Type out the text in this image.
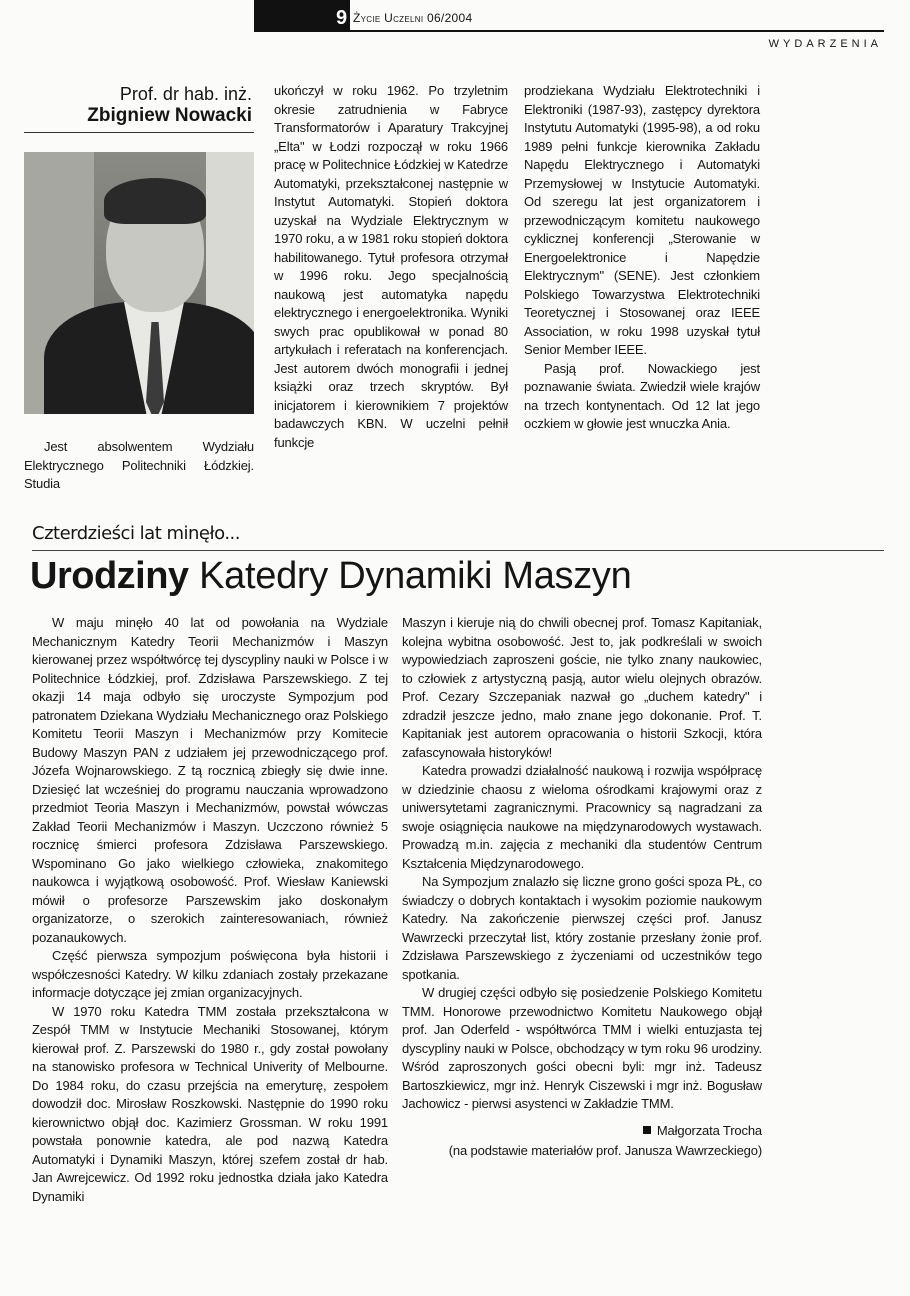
9 Życie Uczelni 06/2004
WYDARZENIA
Prof. dr hab. inż.
Zbigniew Nowacki

Jest absolwentem Wydziału Elektrycznego Politechniki Łódzkiej. Studia

ukończył w roku 1962. Po trzyletnim okresie zatrudnienia w Fabryce Transformatorów i Aparatury Trakcyjnej „Elta" w Łodzi rozpoczął w roku 1966 pracę w Politechnice Łódzkiej w Katedrze Automatyki, przekształconej następnie w Instytut Automatyki. Stopień doktora uzyskał na Wydziale Elektrycznym w 1970 roku, a w 1981 roku stopień doktora habilitowanego. Tytuł profesora otrzymał w 1996 roku. Jego specjalnością naukową jest automatyka napędu elektrycznego i energoelektronika. Wyniki swych prac opublikował w ponad 80 artykułach i referatach na konferencjach. Jest autorem dwóch monografii i jednej książki oraz trzech skryptów. Był inicjatorem i kierownikiem 7 projektów badawczych KBN. W uczelni pełnił funkcje

prodziekana Wydziału Elektrotechniki i Elektroniki (1987-93), zastępcy dyrektora Instytutu Automatyki (1995-98), a od roku 1989 pełni funkcje kierownika Zakładu Napędu Elektrycznego i Automatyki Przemysłowej w Instytucie Automatyki. Od szeregu lat jest organizatorem i przewodniczącym komitetu naukowego cyklicznej konferencji „Sterowanie w Energoelektronice i Napędzie Elektrycznym" (SENE). Jest członkiem Polskiego Towarzystwa Elektrotechniki Teoretycznej i Stosowanej oraz IEEE Association, w roku 1998 uzyskał tytuł Senior Member IEEE.

Pasją prof. Nowackiego jest poznawanie świata. Zwiedził wiele krajów na trzech kontynentach. Od 12 lat jego oczkiem w głowie jest wnuczka Ania.

Czterdzieści lat minęło...
Urodziny Katedry Dynamiki Maszyn

W maju minęło 40 lat od powołania na Wydziale Mechanicznym Katedry Teorii Mechanizmów i Maszyn kierowanej przez współtwórcę tej dyscypliny nauki w Polsce i w Politechnice Łódzkiej, prof. Zdzisława Parszewskiego. Z tej okazji 14 maja odbyło się uroczyste Sympozjum pod patronatem Dziekana Wydziału Mechanicznego oraz Polskiego Komitetu Teorii Maszyn i Mechanizmów przy Komitecie Budowy Maszyn PAN z udziałem jej przewodniczącego prof. Józefa Wojnarowskiego. Z tą rocznicą zbiegły się dwie inne. Dziesięć lat wcześniej do programu nauczania wprowadzono przedmiot Teoria Maszyn i Mechanizmów, powstał wówczas Zakład Teorii Mechanizmów i Maszyn. Uczczono również 5 rocznicę śmierci profesora Zdzisława Parszewskiego. Wspominano Go jako wielkiego człowieka, znakomitego naukowca i wyjątkową osobowość. Prof. Wiesław Kaniewski mówił o profesorze Parszewskim jako doskonałym organizatorze, o szerokich zainteresowaniach, również pozanaukowych.

Część pierwsza sympozjum poświęcona była historii i współczesności Katedry. W kilku zdaniach zostały przekazane informacje dotyczące jej zmian organizacyjnych.

W 1970 roku Katedra TMM została przekształcona w Zespół TMM w Instytucie Mechaniki Stosowanej, którym kierował prof. Z. Parszewski do 1980 r., gdy został powołany na stanowisko profesora w Technical Univerity of Melbourne. Do 1984 roku, do czasu przejścia na emeryturę, zespołem dowodził doc. Mirosław Roszkowski. Następnie do 1990 roku kierownictwo objął doc. Kazimierz Grossman. W roku 1991 powstała ponownie katedra, ale pod nazwą Katedra Automatyki i Dynamiki Maszyn, której szefem został dr hab. Jan Awrejcewicz. Od 1992 roku jednostka działa jako Katedra Dynamiki

Maszyn i kieruje nią do chwili obecnej prof. Tomasz Kapitaniak, kolejna wybitna osobowość. Jest to, jak podkreślali w swoich wypowiedziach zaproszeni goście, nie tylko znany naukowiec, to człowiek z artystyczną pasją, autor wielu olejnych obrazów. Prof. Cezary Szczepaniak nazwał go „duchem katedry" i zdradził jeszcze jedno, mało znane jego dokonanie. Prof. T. Kapitaniak jest autorem opracowania o historii Szkocji, która zafascynowała historyków!

Katedra prowadzi działalność naukową i rozwija współpracę w dziedzinie chaosu z wieloma ośrodkami krajowymi oraz z uniwersytetami zagranicznymi. Pracownicy są nagradzani za swoje osiągnięcia naukowe na międzynarodowych wystawach. Prowadzą m.in. zajęcia z mechaniki dla studentów Centrum Kształcenia Międzynarodowego.

Na Sympozjum znalazło się liczne grono gości spoza PŁ, co świadczy o dobrych kontaktach i wysokim poziomie naukowym Katedry. Na zakończenie pierwszej części prof. Janusz Wawrzecki przeczytał list, który zostanie przesłany żonie prof. Zdzisława Parszewskiego z życzeniami od uczestników tego spotkania.

W drugiej części odbyło się posiedzenie Polskiego Komitetu TMM. Honorowe przewodnictwo Komitetu Naukowego objął prof. Jan Oderfeld - współtwórca TMM i wielki entuzjasta tej dyscypliny nauki w Polsce, obchodzący w tym roku 96 urodziny. Wśród zaproszonych gości obecni byli: mgr inż. Tadeusz Bartoszkiewicz, mgr inż. Henryk Ciszewski i mgr inż. Bogusław Jachowicz - pierwsi asystenci w Zakładzie TMM.

Małgorzata Trocha
(na podstawie materiałów prof. Janusza Wawrzeckiego)
